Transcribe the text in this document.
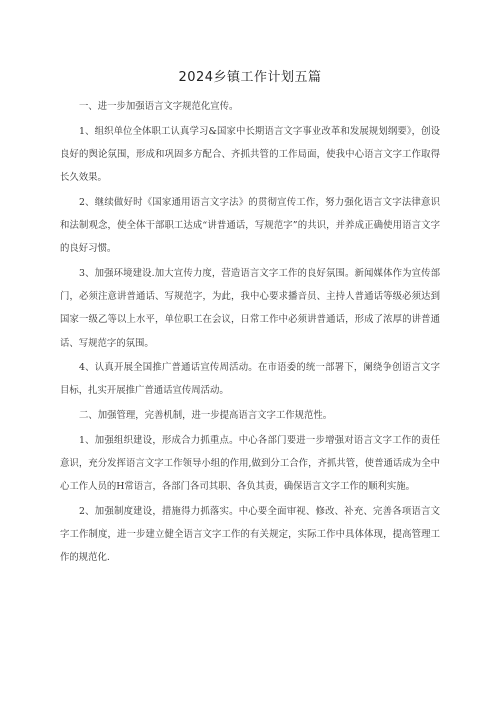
2024乡镇工作计划五篇

一、进一步加强语言文字规范化宣传。

1、组织单位全体职工认真学习&国家中长期语言文字事业改革和发展规划纲要》，创设良好的舆论氛围，形成和巩固多方配合、齐抓共管的工作局面，使我中心语言文字工作取得长久效果。

2、继续做好时《国家通用语言文字法》的贯彻宣传工作，努力强化语言文字法律意识和法制观念，使全体干部职工达成“讲普通话，写规范字”的共识，并养成正确使用语言文字的良好习惯。

3、加强环境建设.加大宣传力度，营造语言文字工作的良好氛围。新闻媒体作为宣传部门，必须注意讲普通话、写规范字，为此，我中心要求播音员、主持人普通话等级必须达到国家一级乙等以上水平，单位职工在会议，日常工作中必须讲普通话，形成了浓厚的讲普通话、写规范字的氛围。

4、认真开展全国推广普通话宣传周活动。在市语委的统一部署下，阑绕争创语言文字目标，扎实开展推广普通话宣传周活动。

二、加强管理，完善机制，进一步提高语言文字工作规范性。

1、加强组织建设，形成合力抓重点。中心各部门要进一步增强对语言文字工作的责任意识，充分发挥语言文字工作领导小组的作用,做到分工合作，齐抓共管，使普通话成为全中心工作人员的H常语言，各部门各司其职、各负其责，确保语言文字工作的顺利实施。

2、加强制度建设，措施得力抓落实。中心要全面审视、修改、补充、完善各项语言文字工作制度，进一步建立健全语言文字工作的有关规定，实际工作中具体体现，提高管理工作的规范化.
